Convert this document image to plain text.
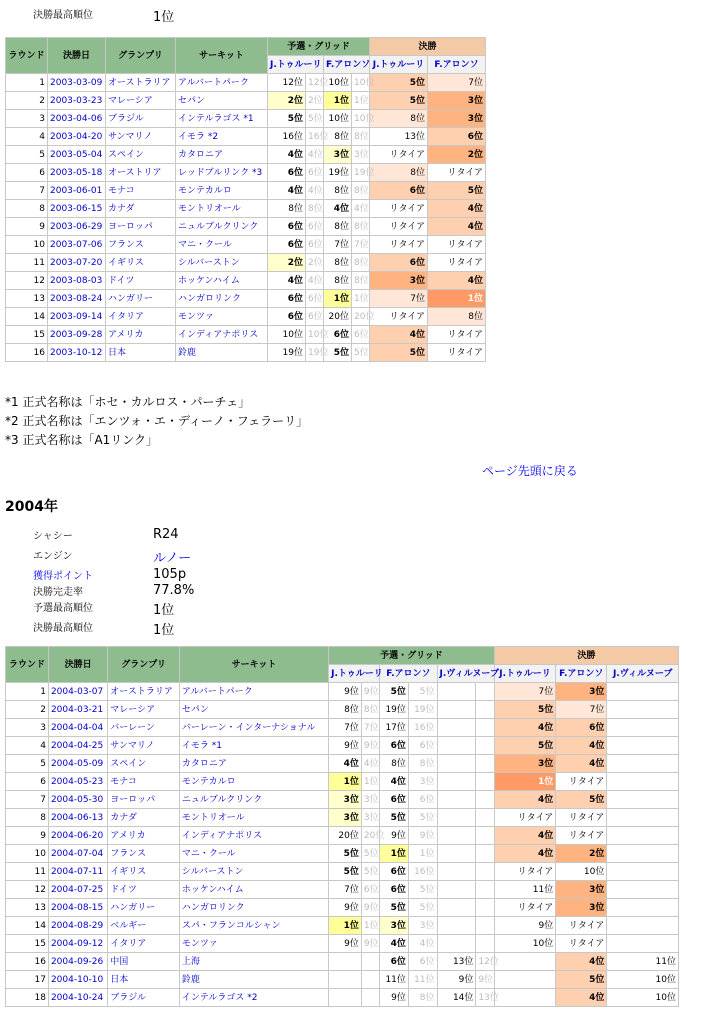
決勝最高順位	1位
ラウンド	決勝日	グランプリ	サーキット	予選・グリッド				決勝	
				J.トゥルーリ		F.アロンソ		J.トゥルーリ	F.アロンソ
1	2003-03-09	オーストラリア	アルバートパーク	12位	12位	10位	10位	5位	7位
2	2003-03-23	マレーシア	セパン	2位	2位	1位	1位	5位	3位
3	2003-04-06	ブラジル	インテルラゴス *1	5位	5位	10位	10位	8位	3位
4	2003-04-20	サンマリノ	イモラ *2	16位	16位	8位	8位	13位	6位
5	2003-05-04	スペイン	カタロニア	4位	4位	3位	3位	リタイア	2位
6	2003-05-18	オーストリア	レッドブルリンク *3	6位	6位	19位	19位	8位	リタイア
7	2003-06-01	モナコ	モンテカルロ	4位	4位	8位	8位	6位	5位
8	2003-06-15	カナダ	モントリオール	8位	8位	4位	4位	リタイア	4位
9	2003-06-29	ヨーロッパ	ニュルブルクリンク	6位	6位	8位	8位	リタイア	4位
10	2003-07-06	フランス	マニ・クール	6位	6位	7位	7位	リタイア	リタイア
11	2003-07-20	イギリス	シルバーストン	2位	2位	8位	8位	6位	リタイア
12	2003-08-03	ドイツ	ホッケンハイム	4位	4位	8位	8位	3位	4位
13	2003-08-24	ハンガリー	ハンガロリンク	6位	6位	1位	1位	7位	1位
14	2003-09-14	イタリア	モンツァ	6位	6位	20位	20位	リタイア	8位
15	2003-09-28	アメリカ	インディアナポリス	10位	10位	6位	6位	4位	リタイア
16	2003-10-12	日本	鈴鹿	19位	19位	5位	5位	5位	リタイア
*1 正式名称は「ホセ・カルロス・パーチェ」
*2 正式名称は「エンツォ・エ・ディーノ・フェラーリ」
*3 正式名称は「A1リンク」
ページ先頭に戻る
2004年
シャシー	R24
エンジン	ルノー
獲得ポイント	105p
決勝完走率	77.8%
予選最高順位	1位
決勝最高順位	1位
ラウンド	決勝日	グランプリ	サーキット	予選・グリッド						決勝		
				J.トゥルーリ		F.アロンソ		J.ヴィルヌーブ		J.トゥルーリ	F.アロンソ	J.ヴィルヌーブ
1	2004-03-07	オーストラリア	アルバートパーク	9位	9位	5位	5位			7位	3位	
2	2004-03-21	マレーシア	セパン	8位	8位	19位	19位			5位	7位	
3	2004-04-04	バーレーン	バーレーン・インターナショナル	7位	7位	17位	16位			4位	6位	
4	2004-04-25	サンマリノ	イモラ *1	9位	9位	6位	6位			5位	4位	
5	2004-05-09	スペイン	カタロニア	4位	4位	8位	8位			3位	4位	
6	2004-05-23	モナコ	モンテカルロ	1位	1位	4位	3位			1位	リタイア	
7	2004-05-30	ヨーロッパ	ニュルブルクリンク	3位	3位	6位	6位			4位	5位	
8	2004-06-13	カナダ	モントリオール	3位	3位	5位	5位			リタイア	リタイア	
9	2004-06-20	アメリカ	インディアナポリス	20位	20位	9位	9位			4位	リタイア	
10	2004-07-04	フランス	マニ・クール	5位	5位	1位	1位			4位	2位	
11	2004-07-11	イギリス	シルバーストン	5位	5位	6位	16位			リタイア	10位	
12	2004-07-25	ドイツ	ホッケンハイム	7位	6位	6位	5位			11位	3位	
13	2004-08-15	ハンガリー	ハンガロリンク	9位	9位	5位	5位			リタイア	3位	
14	2004-08-29	ベルギー	スパ・フランコルシャン	1位	1位	3位	3位			9位	リタイア	
15	2004-09-12	イタリア	モンツァ	9位	9位	4位	4位			10位	リタイア	
16	2004-09-26	中国	上海			6位	6位	13位	12位		4位	11位
17	2004-10-10	日本	鈴鹿			11位	11位	9位	9位		5位	10位
18	2004-10-24	ブラジル	インテルラゴス *2			9位	8位	14位	13位		4位	10位
